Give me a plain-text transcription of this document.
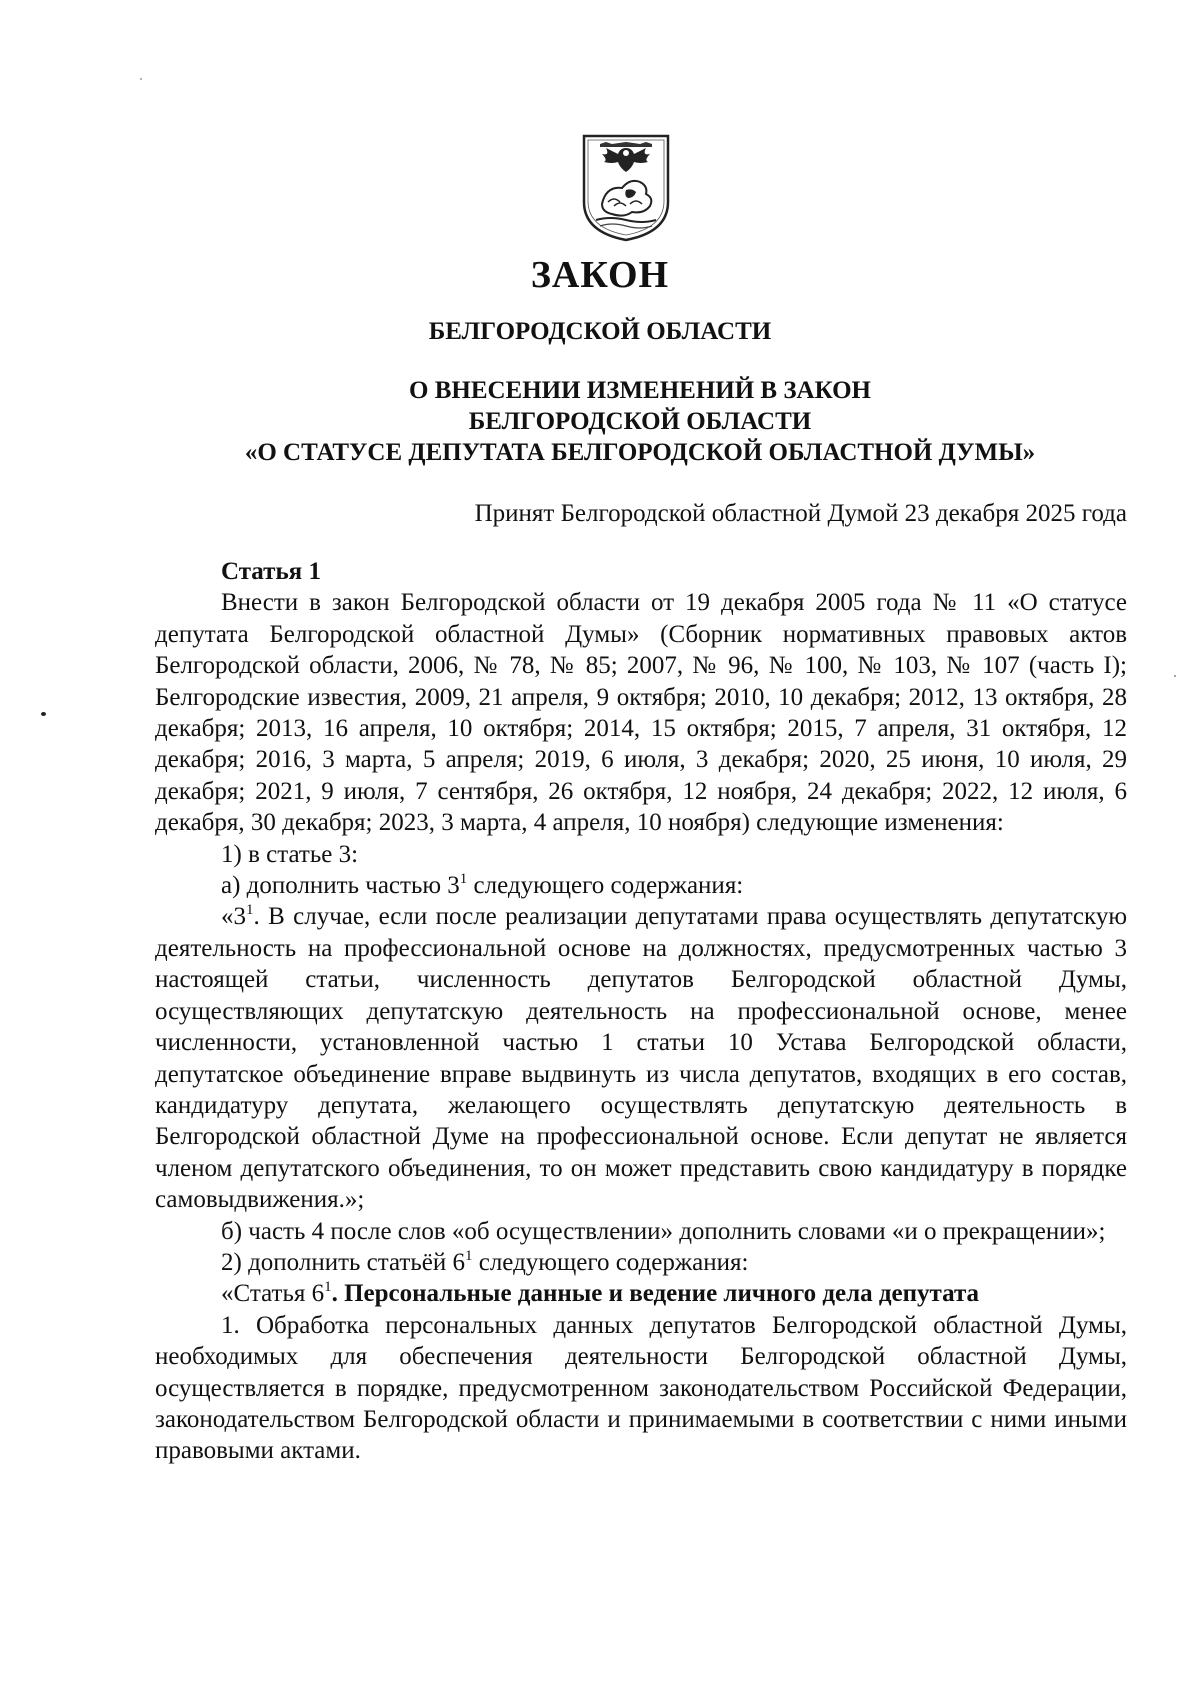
ЗАКОН
БЕЛГОРОДСКОЙ ОБЛАСТИ
О ВНЕСЕНИИ ИЗМЕНЕНИЙ В ЗАКОН
БЕЛГОРОДСКОЙ ОБЛАСТИ
«О СТАТУСЕ ДЕПУТАТА БЕЛГОРОДСКОЙ ОБЛАСТНОЙ ДУМЫ»
Принят Белгородской областной Думой 23 декабря 2025 года
Статья 1

Внести в закон Белгородской области от 19 декабря 2005 года № 11 «О статусе депутата Белгородской областной Думы» (Сборник нормативных правовых актов Белгородской области, 2006, № 78, № 85; 2007, № 96, № 100, № 103, № 107 (часть I); Белгородские известия, 2009, 21 апреля, 9 октября; 2010, 10 декабря; 2012, 13 октября, 28 декабря; 2013, 16 апреля, 10 октября; 2014, 15 октября; 2015, 7 апреля, 31 октября, 12 декабря; 2016, 3 марта, 5 апреля; 2019, 6 июля, 3 декабря; 2020, 25 июня, 10 июля, 29 декабря; 2021, 9 июля, 7 сентября, 26 октября, 12 ноября, 24 декабря; 2022, 12 июля, 6 декабря, 30 декабря; 2023, 3 марта, 4 апреля, 10 ноября) следующие изменения:

1) в статье 3:

а) дополнить частью $3^1$ следующего содержания:

«$3^1$. В случае, если после реализации депутатами права осуществлять депутатскую деятельность на профессиональной основе на должностях, предусмотренных частью 3 настоящей статьи, численность депутатов Белгородской областной Думы, осуществляющих депутатскую деятельность на профессиональной основе, менее численности, установленной частью 1 статьи 10 Устава Белгородской области, депутатское объединение вправе выдвинуть из числа депутатов, входящих в его состав, кандидатуру депутата, желающего осуществлять депутатскую деятельность в Белгородской областной Думе на профессиональной основе. Если депутат не является членом депутатского объединения, то он может представить свою кандидатуру в порядке самовыдвижения.»;

б) часть 4 после слов «об осуществлении» дополнить словами «и о прекращении»;

2) дополнить статьёй $6^1$ следующего содержания:

«Статья $6^1$. Персональные данные и ведение личного дела депутата

1. Обработка персональных данных депутатов Белгородской областной Думы, необходимых для обеспечения деятельности Белгородской областной Думы, осуществляется в порядке, предусмотренном законодательством Российской Федерации, законодательством Белгородской области и принимаемыми в соответствии с ними иными правовыми актами.
